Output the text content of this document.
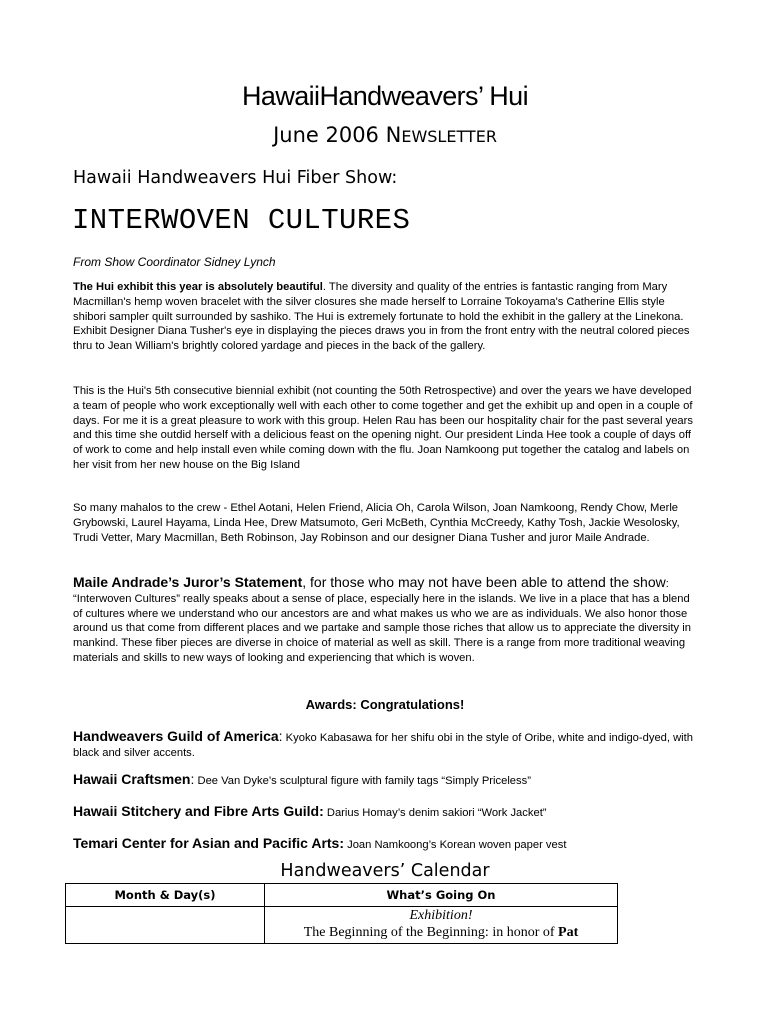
HawaiiHandweavers’ Hui
June 2006 NEWSLETTER
Hawaii Handweavers Hui Fiber Show:
INTERWOVEN CULTURES
From Show Coordinator Sidney Lynch
The Hui exhibit this year is absolutely beautiful. The diversity and quality of the entries is fantastic ranging from Mary Macmillan's hemp woven bracelet with the silver closures she made herself to Lorraine Tokoyama's Catherine Ellis style shibori sampler quilt surrounded by sashiko. The Hui is extremely fortunate to hold the exhibit in the gallery at the Linekona. Exhibit Designer Diana Tusher's eye in displaying the pieces draws you in from the front entry with the neutral colored pieces thru to Jean William's brightly colored yardage and pieces in the back of the gallery.
This is the Hui's 5th consecutive biennial exhibit (not counting the 50th Retrospective) and over the years we have developed a team of people who work exceptionally well with each other to come together and get the exhibit up and open in a couple of days. For me it is a great pleasure to work with this group. Helen Rau has been our hospitality chair for the past several years and this time she outdid herself with a delicious feast on the opening night. Our president Linda Hee took a couple of days off of work to come and help install even while coming down with the flu. Joan Namkoong put together the catalog and labels on her visit from her new house on the Big Island
So many mahalos to the crew - Ethel Aotani, Helen Friend, Alicia Oh, Carola Wilson, Joan Namkoong, Rendy Chow, Merle Grybowski, Laurel Hayama, Linda Hee, Drew Matsumoto, Geri McBeth, Cynthia McCreedy, Kathy Tosh, Jackie Wesolosky, Trudi Vetter, Mary Macmillan, Beth Robinson, Jay Robinson and our designer Diana Tusher and juror Maile Andrade.
Maile Andrade’s Juror’s Statement, for those who may not have been able to attend the show: “Interwoven Cultures” really speaks about a sense of place, especially here in the islands. We live in a place that has a blend of cultures where we understand who our ancestors are and what makes us who we are as individuals. We also honor those around us that come from different places and we partake and sample those riches that allow us to appreciate the diversity in mankind. These fiber pieces are diverse in choice of material as well as skill. There is a range from more traditional weaving materials and skills to new ways of looking and experiencing that which is woven.
Awards: Congratulations!
Handweavers Guild of America: Kyoko Kabasawa for her shifu obi in the style of Oribe, white and indigo-dyed, with black and silver accents.
Hawaii Craftsmen: Dee Van Dyke’s sculptural figure with family tags “Simply Priceless”
Hawaii Stitchery and Fibre Arts Guild: Darius Homay’s denim sakiori “Work Jacket”
Temari Center for Asian and Pacific Arts: Joan Namkoong’s Korean woven paper vest
Handweavers’ Calendar
Month & Day(s)	What’s Going On

	Exhibition!
The Beginning of the Beginning: in honor of Pat
